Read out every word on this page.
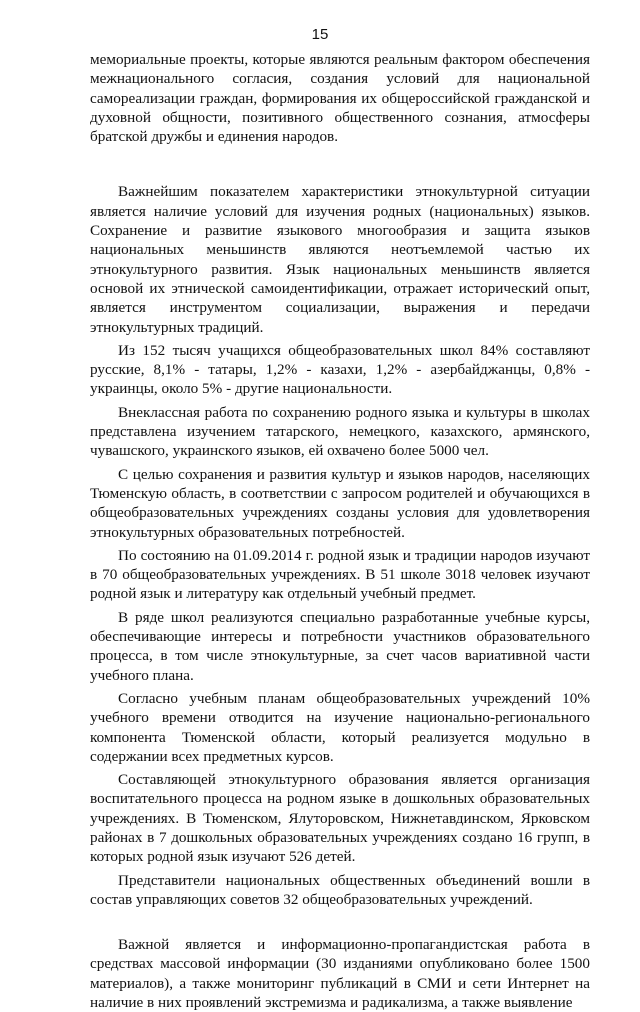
15

мемориальные проекты, которые являются реальным фактором обеспечения межнационального согласия, создания условий для национальной самореализации граждан, формирования их общероссийской гражданской и духовной общности, позитивного общественного сознания, атмосферы братской дружбы и единения народов.

Важнейшим показателем характеристики этнокультурной ситуации является наличие условий для изучения родных (национальных) языков. Сохранение и развитие языкового многообразия и защита языков национальных меньшинств являются неотъемлемой частью их этнокультурного развития. Язык национальных меньшинств является основой их этнической самоидентификации, отражает исторический опыт, является инструментом социализации, выражения и передачи этнокультурных традиций.

Из 152 тысяч учащихся общеобразовательных школ 84% составляют русские, 8,1% - татары, 1,2% - казахи, 1,2% - азербайджанцы, 0,8% - украинцы, около 5% - другие национальности.

Внеклассная работа по сохранению родного языка и культуры в школах представлена изучением татарского, немецкого, казахского, армянского, чувашского, украинского языков, ей охвачено более 5000 чел.

С целью сохранения и развития культур и языков народов, населяющих Тюменскую область, в соответствии с запросом родителей и обучающихся в общеобразовательных учреждениях созданы условия для удовлетворения этнокультурных образовательных потребностей.

По состоянию на 01.09.2014 г. родной язык и традиции народов изучают в 70 общеобразовательных учреждениях. В 51 школе 3018 человек изучают родной язык и литературу как отдельный учебный предмет.

В ряде школ реализуются специально разработанные учебные курсы, обеспечивающие интересы и потребности участников образовательного процесса, в том числе этнокультурные, за счет часов вариативной части учебного плана.

Согласно учебным планам общеобразовательных учреждений 10% учебного времени отводится на изучение национально-регионального компонента Тюменской области, который реализуется модульно в содержании всех предметных курсов.

Составляющей этнокультурного образования является организация воспитательного процесса на родном языке в дошкольных образовательных учреждениях. В Тюменском, Ялуторовском, Нижнетавдинском, Ярковском районах в 7 дошкольных образовательных учреждениях создано 16 групп, в которых родной язык изучают 526 детей.

Представители национальных общественных объединений вошли в состав управляющих советов 32 общеобразовательных учреждений.

Важной является и информационно-пропагандистская работа в средствах массовой информации (30 изданиями опубликовано более 1500 материалов), а также мониторинг публикаций в СМИ и сети Интернет на наличие в них проявлений экстремизма и радикализма, а также выявление
